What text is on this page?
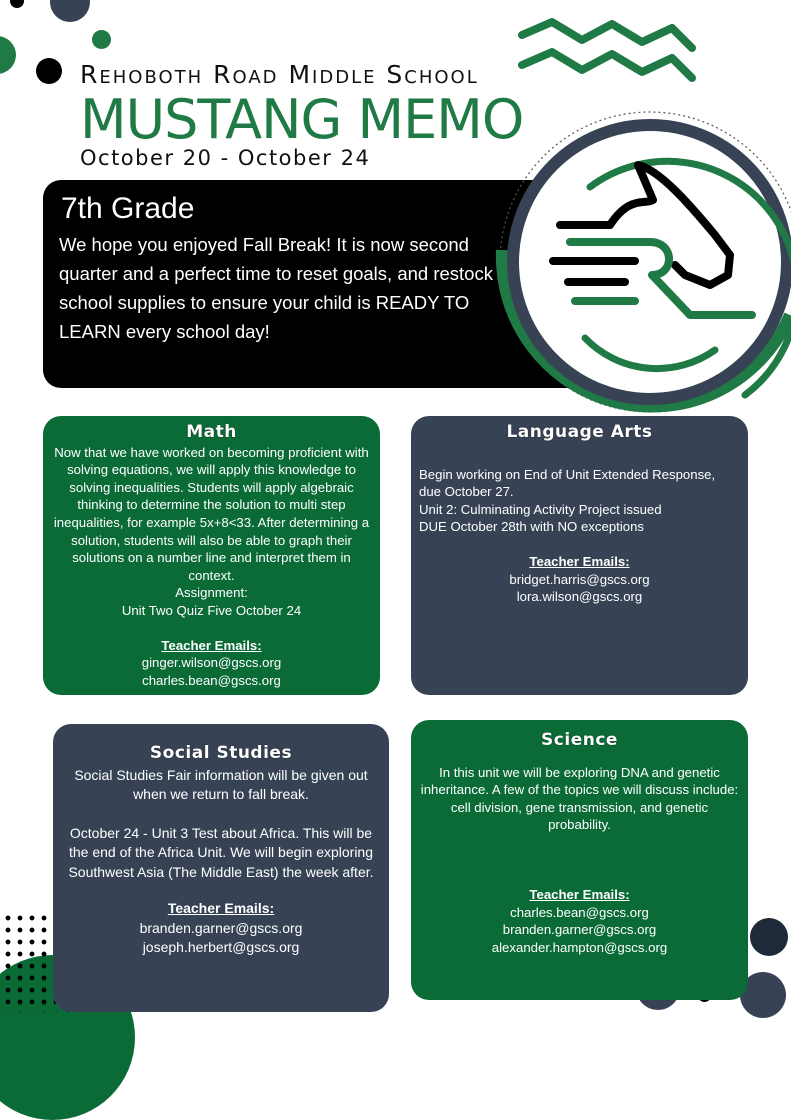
Rehoboth Road Middle School
MUSTANG MEMO
October 20 - October 24
7th Grade

We hope you enjoyed Fall Break! It is now second quarter and a perfect time to reset goals, and restock school supplies to ensure your child is READY TO LEARN every school day!

Math
Now that we have worked on becoming proficient with solving equations, we will apply this knowledge to solving inequalities. Students will apply algebraic thinking to determine the solution to multi step inequalities, for example 5x+8<33. After determining a solution, students will also be able to graph their solutions on a number line and interpret them in context.
Assignment:
Unit Two Quiz Five October 24
Teacher Emails:
ginger.wilson@gscs.org
charles.bean@gscs.org
Language Arts
Begin working on End of Unit Extended Response, due October 27.
Unit 2: Culminating Activity Project issued
DUE October 28th with NO exceptions
Teacher Emails:
bridget.harris@gscs.org
lora.wilson@gscs.org
Social Studies
Social Studies Fair information will be given out when we return to fall break.
October 24 - Unit 3 Test about Africa. This will be the end of the Africa Unit. We will begin exploring Southwest Asia (The Middle East) the week after.
Teacher Emails:
branden.garner@gscs.org
joseph.herbert@gscs.org
Science
In this unit we will be exploring DNA and genetic inheritance. A few of the topics we will discuss include: cell division, gene transmission, and genetic probability.
Teacher Emails:
charles.bean@gscs.org
branden.garner@gscs.org
alexander.hampton@gscs.org
